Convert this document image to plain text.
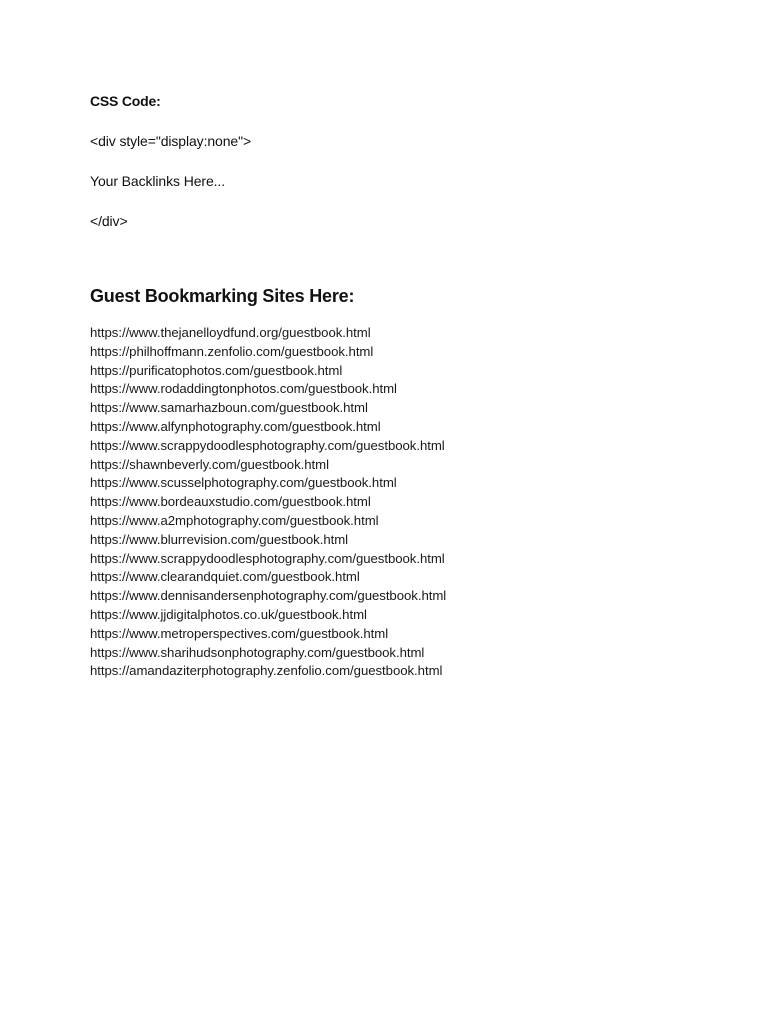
CSS Code:

<div style="display:none">

Your Backlinks Here...

</div>

Guest Bookmarking Sites Here:
https://www.thejanelloydfund.org/guestbook.html
https://philhoffmann.zenfolio.com/guestbook.html
https://purificatophotos.com/guestbook.html
https://www.rodaddingtonphotos.com/guestbook.html
https://www.samarhazboun.com/guestbook.html
https://www.alfynphotography.com/guestbook.html
https://www.scrappydoodlesphotography.com/guestbook.html
https://shawnbeverly.com/guestbook.html
https://www.scusselphotography.com/guestbook.html
https://www.bordeauxstudio.com/guestbook.html
https://www.a2mphotography.com/guestbook.html
https://www.blurrevision.com/guestbook.html
https://www.scrappydoodlesphotography.com/guestbook.html
https://www.clearandquiet.com/guestbook.html
https://www.dennisandersenphotography.com/guestbook.html
https://www.jjdigitalphotos.co.uk/guestbook.html
https://www.metroperspectives.com/guestbook.html
https://www.sharihudsonphotography.com/guestbook.html
https://amandaziterphotography.zenfolio.com/guestbook.html
